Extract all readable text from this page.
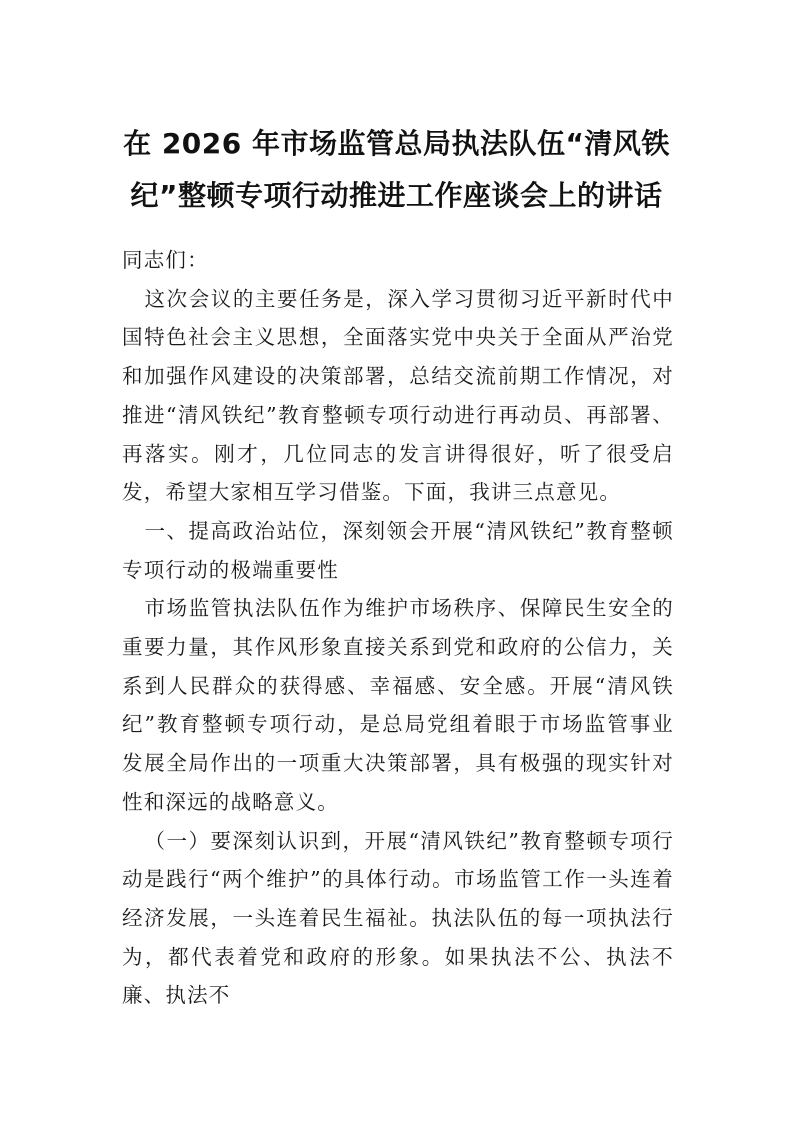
在 2026 年市场监管总局执法队伍“清风铁纪”整顿专项行动推进工作座谈会上的讲话

同志们：

这次会议的主要任务是，深入学习贯彻习近平新时代中国特色社会主义思想，全面落实党中央关于全面从严治党和加强作风建设的决策部署，总结交流前期工作情况，对推进“清风铁纪”教育整顿专项行动进行再动员、再部署、再落实。刚才，几位同志的发言讲得很好，听了很受启发，希望大家相互学习借鉴。下面，我讲三点意见。

一、提高政治站位，深刻领会开展“清风铁纪”教育整顿专项行动的极端重要性

市场监管执法队伍作为维护市场秩序、保障民生安全的重要力量，其作风形象直接关系到党和政府的公信力，关系到人民群众的获得感、幸福感、安全感。开展“清风铁纪”教育整顿专项行动，是总局党组着眼于市场监管事业发展全局作出的一项重大决策部署，具有极强的现实针对性和深远的战略意义。

（一）要深刻认识到，开展“清风铁纪”教育整顿专项行动是践行“两个维护”的具体行动。市场监管工作一头连着经济发展，一头连着民生福祉。执法队伍的每一项执法行为，都代表着党和政府的形象。如果执法不公、执法不廉、执法不
